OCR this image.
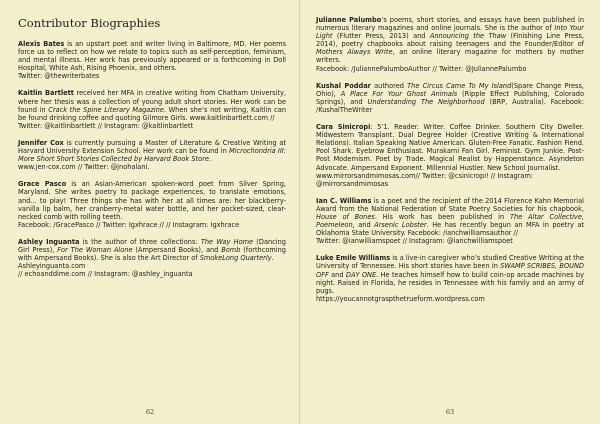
Contributor Biographies

Alexis Bates is an upstart poet and writer living in Baltimore, MD. Her poems force us to reflect on how we relate to topics such as self-perception, feminism, and mental illness. Her work has previously appeared or is forthcoming in Doll Hospital, White Ash, Rising Phoenix, and others.
Twitter: @thewriterbates

Kaitlin Bartlett received her MFA in creative writing from Chatham University, where her thesis was a collection of young adult short stories. Her work can be found in Crack the Spine Literary Magazine. When she’s not writing, Kaitlin can be found drinking coffee and quoting Gilmore Girls. www.kaitlinbartlett.com //
Twitter: @kaitlinbartlett // Instagram: @kaitlinbartlett

Jennifer Cox is currently pursuing a Master of Literature & Creative Writing at Harvard University Extension School. Her work can be found in Microchondria III: More Short Short Stories Collected by Harvard Book Store.
www.jen-cox.com // Twitter: @jnohalani.

Grace Pasco is an Asian-American spoken-word poet from Silver Spring, Maryland. She writes poetry to package experiences, to translate emotions, and... to play! Three things she has with her at all times are: her blackberry-vanilla lip balm, her cranberry-metal water bottle, and her pocket-sized, clear-necked comb with rolling teeth.
Facebook: /GracePasco // Twitter: Igxhrace // // Instagram: Igxhrace

Ashley Inguanta is the author of three collections: The Way Home (Dancing Girl Press), For The Woman Alone (Ampersand Books), and Bomb (forthcoming with Ampersand Books). She is also the Art Director of SmokeLong Quarterly.
Ashleyinguanta.com
// echoanddime.com // Instagram: @ashley_inguanta

62

Julianne Palumbo’s poems, short stories, and essays have been published in numerous literary magazines and online journals. She is the author of Into Your Light (Flutter Press, 2013) and Announcing the Thaw (Finishing Line Press, 2014), poetry chapbooks about raising teenagers and the Founder/Editor of Mothers Always Write, an online literary magazine for mothers by mother writers.
Facebook: /JuliannePalumboAuthor // Twitter: @JuliannePalumbo

Kushal Poddar authored The Circus Came To My Island(Spare Change Press, Ohio), A Place For Your Ghost Animals (Ripple Effect Publishing, Colorado Springs), and Understanding The Neighborhood (BRP, Australia). Facebook: /KushalTheWriter

Cara Sinicropi: 5’1. Reader. Writer. Coffee Drinker. Southern City Dweller. Midwestern Transplant. Dual Degree Holder (Creative Writing & International Relations). Italian Speaking Native American. Gluten-Free Fanatic. Fashion Fiend. Pool Shark. Eyebrow Enthusiast. Murakami Fan Girl. Feminist. Gym Junkie. Post-Post Modernism. Poet by Trade. Magical Realist by Happenstance. Asyndeton Advocate. Ampersand Exponent. Millennial Hustler. New School Journalist.
www.mirrorsandmimosas.com// Twitter: @csinicropi! // Instagram:
@mirrorsandmimosas

Ian C. Williams is a poet and the recipient of the 2014 Florence Kahn Memorial Award from the National Federation of State Poetry Societies for his chapbook, House of Bones. His work has been published in The Altar Collective, Poemeleon, and Arsenic Lobster. He has recently begun an MFA in poetry at Oklahoma State University. Facebook: /ianchwilliamsauthor //
Twitter: @ianwilliamspoet // Instagram: @ianchwilliamspoet

Luke Emile Williams is a live-in caregiver who’s studied Creative Writing at the University of Tennessee. His short stories have been in SWAMP SCRIBES, BOUND OFF and DAY ONE. He teaches himself how to build coin-op arcade machines by night. Raised in Florida, he resides in Tennessee with his family and an army of pugs.
https://youcannotgraspthetrueform.wordpress.com

63
